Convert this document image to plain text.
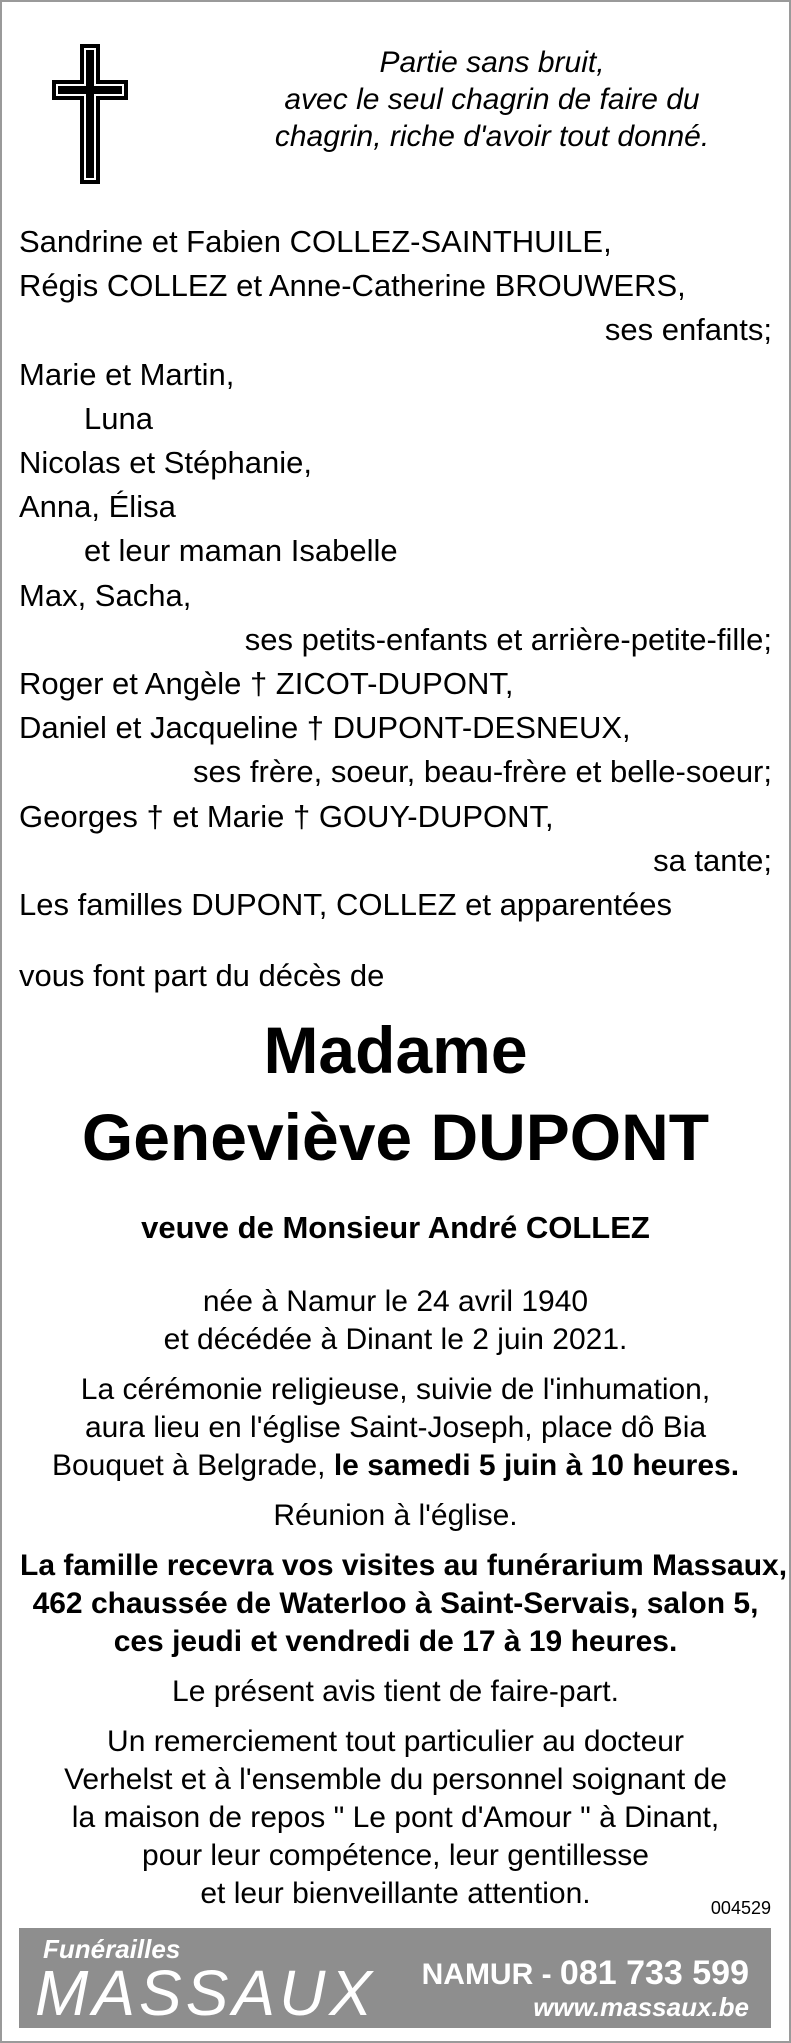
Partie sans bruit,
avec le seul chagrin de faire du
chagrin, riche d'avoir tout donné.
Sandrine et Fabien COLLEZ-SAINTHUILE,
Régis COLLEZ et Anne-Catherine BROUWERS,
ses enfants;
Marie et Martin,
Luna
Nicolas et Stéphanie,
Anna, Élisa
et leur maman Isabelle
Max, Sacha,
ses petits-enfants et arrière-petite-fille;
Roger et Angèle † ZICOT-DUPONT,
Daniel et Jacqueline † DUPONT-DESNEUX,
ses frère, soeur, beau-frère et belle-soeur;
Georges † et Marie † GOUY-DUPONT,
sa tante;
Les familles DUPONT, COLLEZ et apparentées
vous font part du décès de
Madame
Geneviève DUPONT
veuve de Monsieur André COLLEZ
née à Namur le 24 avril 1940
et décédée à Dinant le 2 juin 2021.
La cérémonie religieuse, suivie de l'inhumation,
aura lieu en l'église Saint-Joseph, place dô Bia
Bouquet à Belgrade, le samedi 5 juin à 10 heures.
Réunion à l'église.
La famille recevra vos visites au funérarium Massaux,
462 chaussée de Waterloo à Saint-Servais, salon 5,
ces jeudi et vendredi de 17 à 19 heures.
Le présent avis tient de faire-part.
Un remerciement tout particulier au docteur
Verhelst et à l'ensemble du personnel soignant de
la maison de repos " Le pont d'Amour " à Dinant,
pour leur compétence, leur gentillesse
et leur bienveillante attention.	004529
Funérailles
MASSAUX NAMUR - 081 733 599
www.massaux.be
